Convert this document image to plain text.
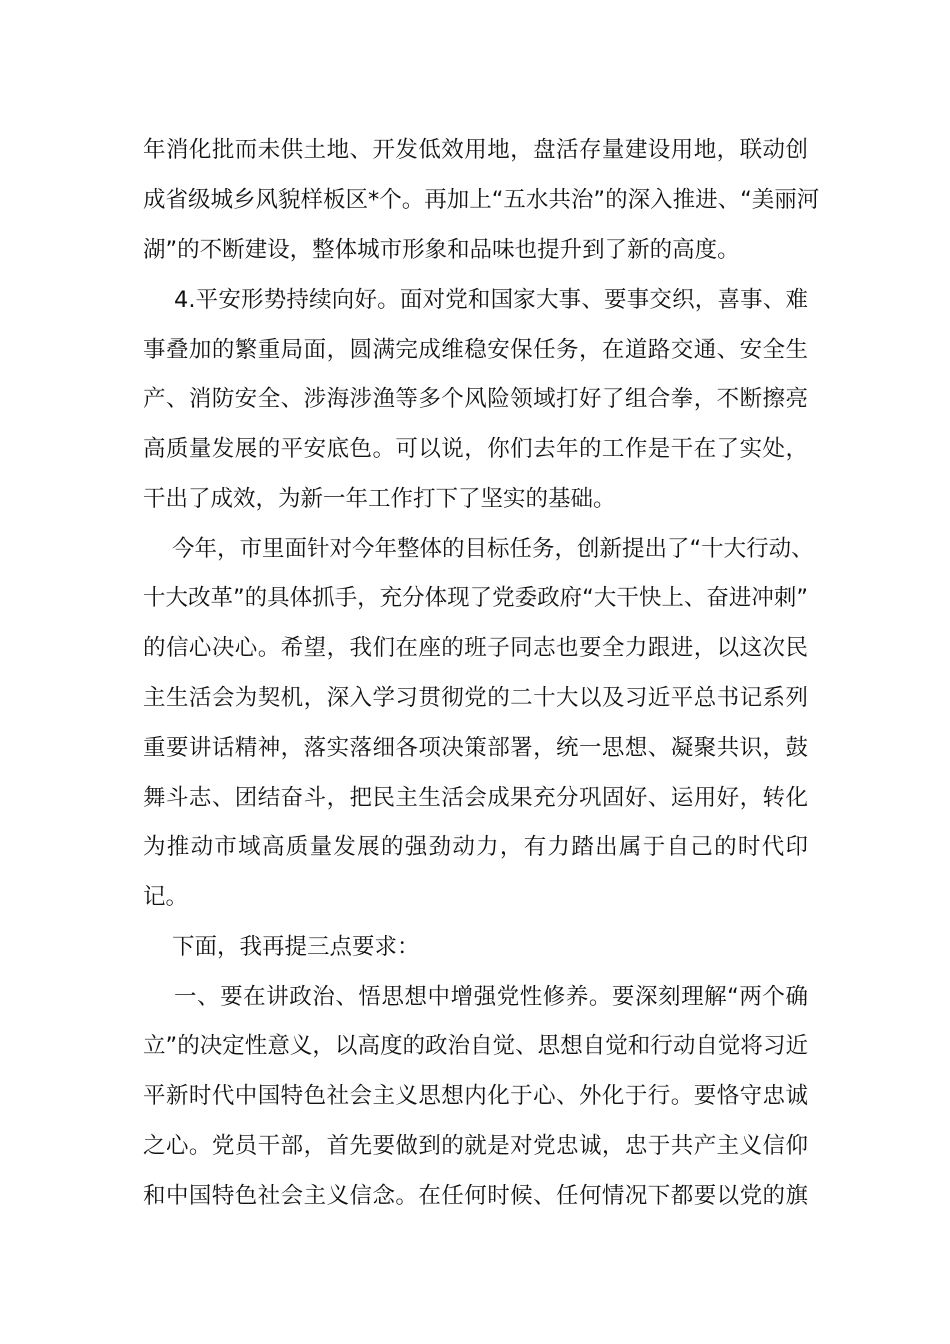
年消化批而未供土地、开发低效用地，盘活存量建设用地，联动创
成省级城乡风貌样板区*个。再加上“五水共治”的深入推进、“美丽河
湖”的不断建设，整体城市形象和品味也提升到了新的高度。
4.平安形势持续向好。面对党和国家大事、要事交织，喜事、难
事叠加的繁重局面，圆满完成维稳安保任务，在道路交通、安全生
产、消防安全、涉海涉渔等多个风险领域打好了组合拳，不断擦亮
高质量发展的平安底色。可以说，你们去年的工作是干在了实处，
干出了成效，为新一年工作打下了坚实的基础。
今年，市里面针对今年整体的目标任务，创新提出了“十大行动、
十大改革”的具体抓手，充分体现了党委政府“大干快上、奋进冲刺”
的信心决心。希望，我们在座的班子同志也要全力跟进，以这次民
主生活会为契机，深入学习贯彻党的二十大以及习近平总书记系列
重要讲话精神，落实落细各项决策部署，统一思想、凝聚共识，鼓
舞斗志、团结奋斗，把民主生活会成果充分巩固好、运用好，转化
为推动市域高质量发展的强劲动力，有力踏出属于自己的时代印
记。
下面，我再提三点要求：
一、要在讲政治、悟思想中增强党性修养。要深刻理解“两个确
立”的决定性意义，以高度的政治自觉、思想自觉和行动自觉将习近
平新时代中国特色社会主义思想内化于心、外化于行。要恪守忠诚
之心。党员干部，首先要做到的就是对党忠诚，忠于共产主义信仰
和中国特色社会主义信念。在任何时候、任何情况下都要以党的旗
